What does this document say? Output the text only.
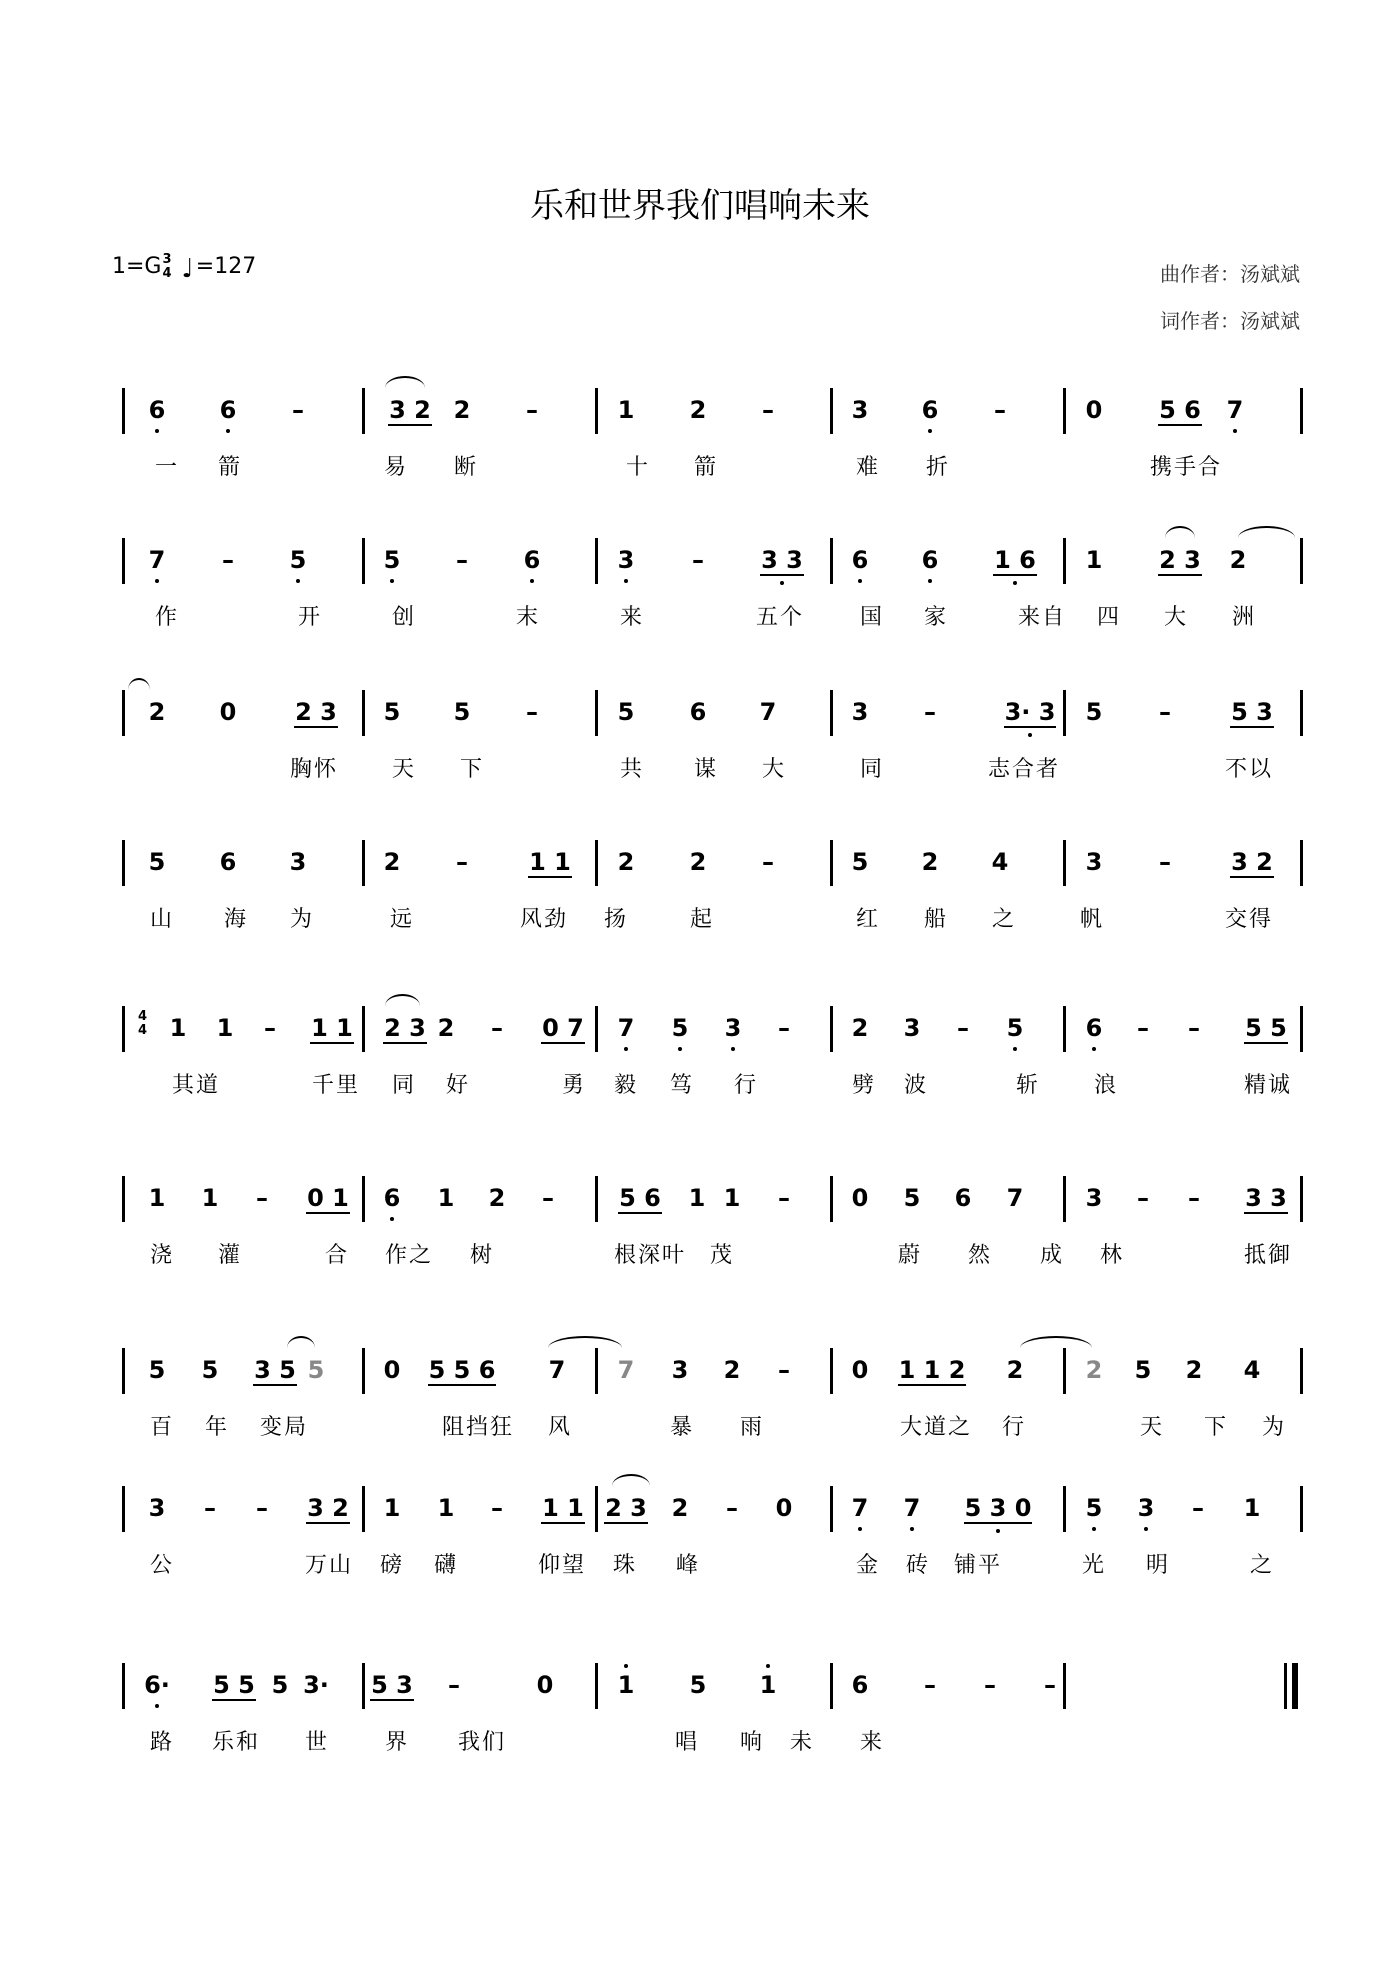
乐和世界我们唱响未来
1=G3
4 ♩=127	曲作者：汤斌斌
词作者：汤斌斌
6 6 –	3 2 2 –	1 2 –	3 6 –	0 5 6 7
一 箭	易 断	十 箭	难 折	携手合
7 – 5	5 – 6	3 – 3 3 6 6 1 6 1 2 3 2
作	开	创	末	来	五个	国 家	来自 四 大 洲
2 0 2 3 5 5 –	5 6 7	3 –	3· 3 5 –	5 3
胸怀 天 下	共 谋 大	同	志合者	不以
5 6 3	2 –	1 1 2 2 –	5 2 4	3 –	3 2
山 海 为	远	风劲 扬	起	红 船 之	帆	交得
4
4 1 1 – 1 1 2 3 2 – 0 7 7 5 3 –	2 3 – 5	6 – – 5 5
其道	千里 同 好	勇 毅 笃 行	劈 波	斩 浪	精诚
1 1 – 0 1 6 1 2 –	5 6 1 1 –	0 5 6 7	3 – – 3 3
浇 灌	合 作之 树	根深叶 茂	蔚 然 成 林	抵御
5 5 3 5 5 0 5 5 6 7 7 3 2 –	0 1 1 2 2	2 5 2 4
百 年 变局	阻挡狂 风	暴 雨	大道之 行	天 下 为
3 – – 3 2 1 1 – 1 1 2 3 2 – 0 7 7 5 3 0 5 3 – 1
公	万山 磅 礴	仰望 珠 峰	金 砖 铺平	光 明	之
6· 5 5 5 3· 5 3 –	0	1 5 1	6 – – –
路 乐和 世	界 我们	唱 响 未 来
